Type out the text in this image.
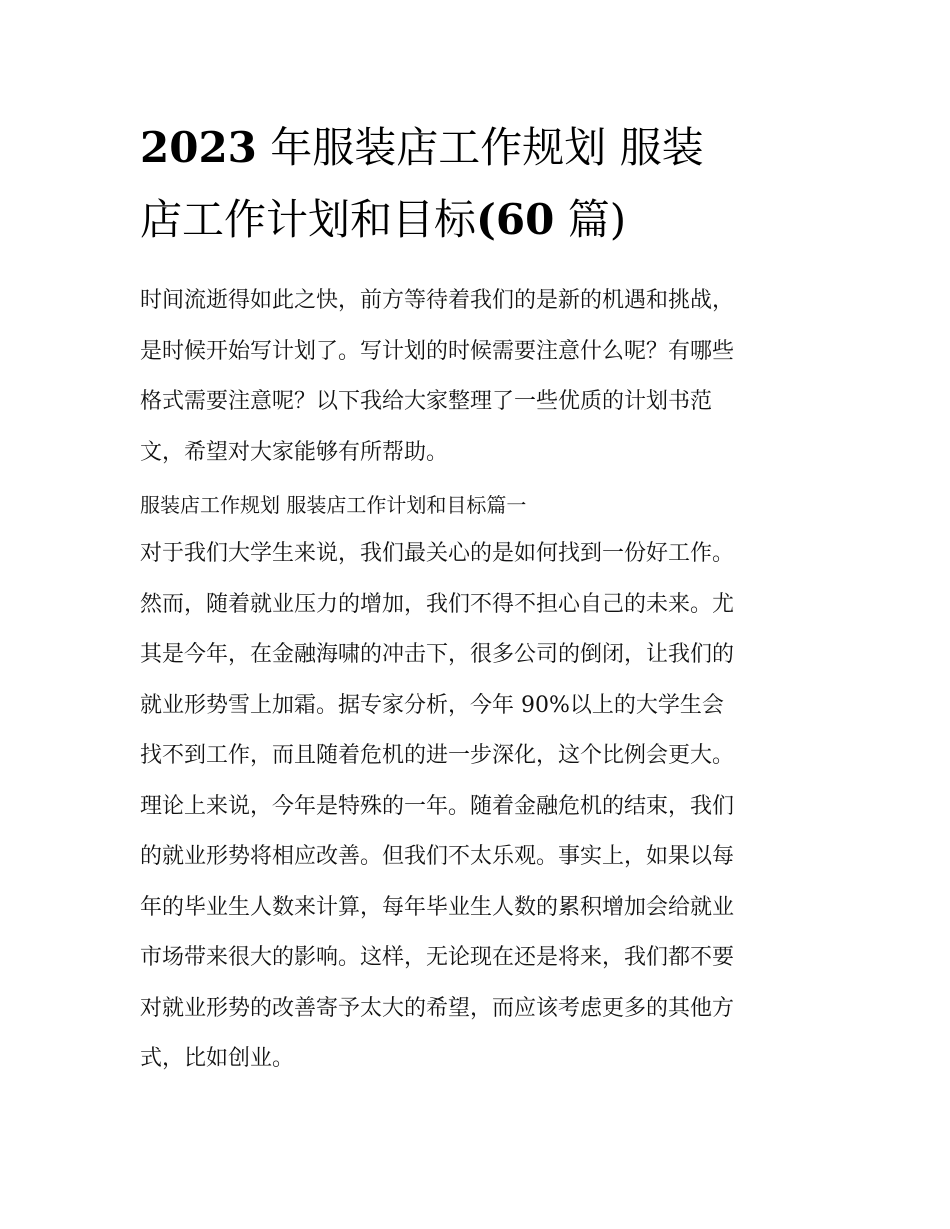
2023 年服装店工作规划 服装
店工作计划和目标(60 篇)

时间流逝得如此之快，前方等待着我们的是新的机遇和挑战，
是时候开始写计划了。写计划的时候需要注意什么呢？有哪些
格式需要注意呢？以下我给大家整理了一些优质的计划书范
文，希望对大家能够有所帮助。

服装店工作规划 服装店工作计划和目标篇一

对于我们大学生来说，我们最关心的是如何找到一份好工作。
然而，随着就业压力的增加，我们不得不担心自己的未来。尤
其是今年，在金融海啸的冲击下，很多公司的倒闭，让我们的
就业形势雪上加霜。据专家分析，今年 90%以上的大学生会
找不到工作，而且随着危机的进一步深化，这个比例会更大。
理论上来说，今年是特殊的一年。随着金融危机的结束，我们
的就业形势将相应改善。但我们不太乐观。事实上，如果以每
年的毕业生人数来计算，每年毕业生人数的累积增加会给就业
市场带来很大的影响。这样，无论现在还是将来，我们都不要
对就业形势的改善寄予太大的希望，而应该考虑更多的其他方
式，比如创业。
